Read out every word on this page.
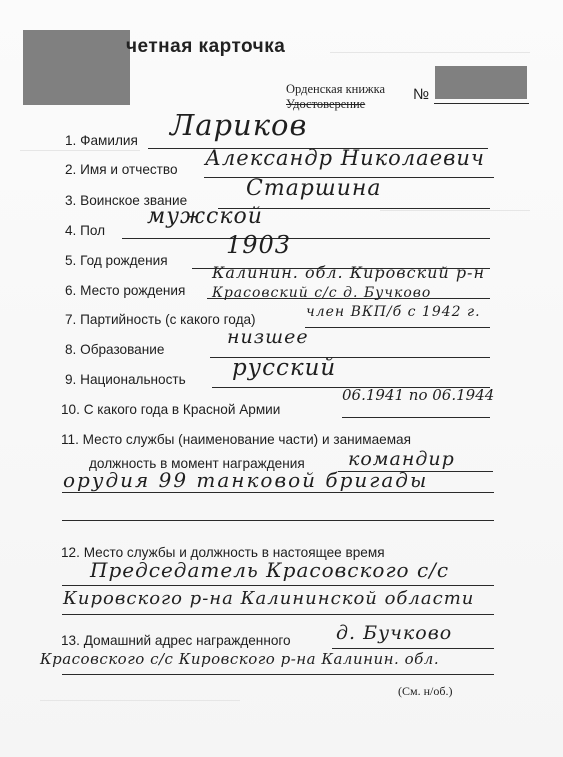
четная карточка
Орденская книжка
Удостоверение
№
1. Фамилия Лариков
2. Имя и отчество Александр Николаевич
3. Воинское звание	Старшина
4. Пол
мужской
5. Год рождения
1903
6. Место рождения
Калинин. обл. Кировский р-н
Красовский с/с д. Бучково
7. Партийность (с какого года)	член ВКП/б с 1942 г.
8. Образование
низшее
9. Национальность русский
10. С какого года в Красной Армии
06.1941 по 06.1944
11. Место службы (наименование части) и занимаемая
должность в момент награждения командир
орудия 99 танковой бригады
12. Место службы и должность в настоящее время
Председатель Красовского с/с
Кировского р-на Калининской области
13. Домашний адрес награжденного д. Бучково
Красовского с/с Кировского р-на Калинин. обл.
(См. н/об.)
